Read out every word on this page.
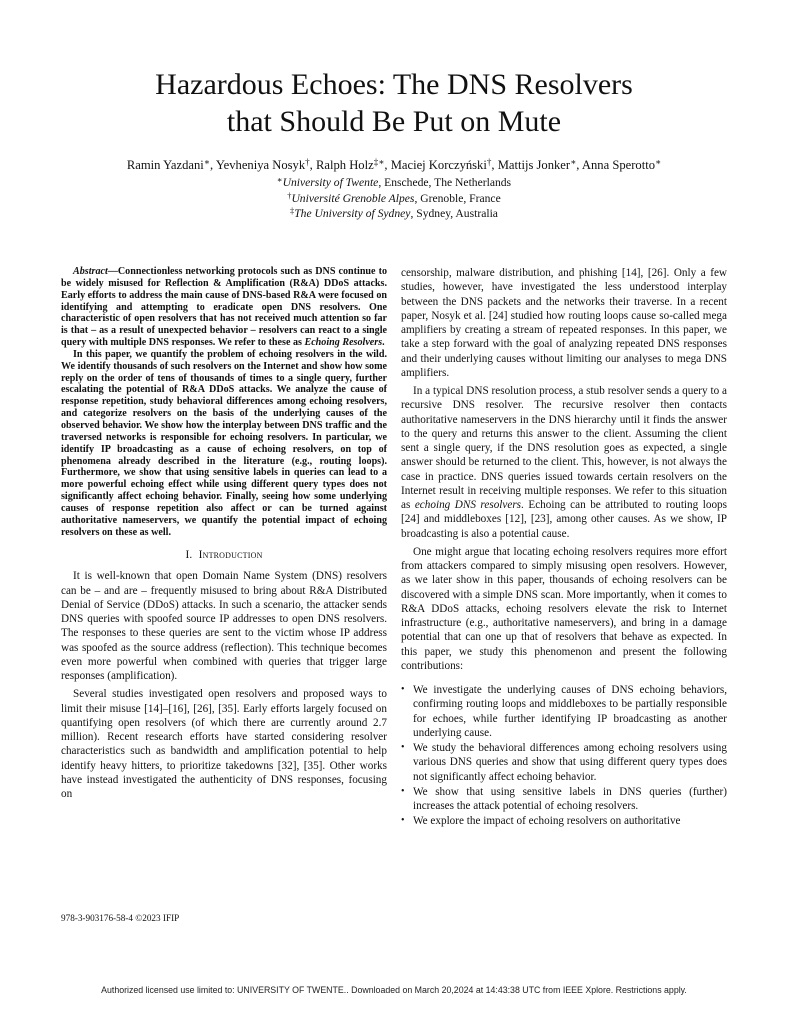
Hazardous Echoes: The DNS Resolvers
that Should Be Put on Mute
Ramin Yazdani∗, Yevheniya Nosyk†, Ralph Holz‡∗, Maciej Korczyński†, Mattijs Jonker∗, Anna Sperotto∗
∗University of Twente, Enschede, The Netherlands
†Université Grenoble Alpes, Grenoble, France
‡The University of Sydney, Sydney, Australia

Abstract—Connectionless networking protocols such as DNS continue to be widely misused for Reflection & Amplification (R&A) DDoS attacks. Early efforts to address the main cause of DNS-based R&A were focused on identifying and attempting to eradicate open DNS resolvers. One characteristic of open resolvers that has not received much attention so far is that – as a result of unexpected behavior – resolvers can react to a single query with multiple DNS responses. We refer to these as Echoing Resolvers.

In this paper, we quantify the problem of echoing resolvers in the wild. We identify thousands of such resolvers on the Internet and show how some reply on the order of tens of thousands of times to a single query, further escalating the potential of R&A DDoS attacks. We analyze the cause of response repetition, study behavioral differences among echoing resolvers, and categorize resolvers on the basis of the underlying causes of the observed behavior. We show how the interplay between DNS traffic and the traversed networks is responsible for echoing resolvers. In particular, we identify IP broadcasting as a cause of echoing resolvers, on top of phenomena already described in the literature (e.g., routing loops). Furthermore, we show that using sensitive labels in queries can lead to a more powerful echoing effect while using different query types does not significantly affect echoing behavior. Finally, seeing how some underlying causes of response repetition also affect or can be turned against authoritative nameservers, we quantify the potential impact of echoing resolvers on these as well.

I. Introduction

It is well-known that open Domain Name System (DNS) resolvers can be – and are – frequently misused to bring about R&A Distributed Denial of Service (DDoS) attacks. In such a scenario, the attacker sends DNS queries with spoofed source IP addresses to open DNS resolvers. The responses to these queries are sent to the victim whose IP address was spoofed as the source address (reflection). This technique becomes even more powerful when combined with queries that trigger large responses (amplification).

Several studies investigated open resolvers and proposed ways to limit their misuse [14]–[16], [26], [35]. Early efforts largely focused on quantifying open resolvers (of which there are currently around 2.7 million). Recent research efforts have started considering resolver characteristics such as bandwidth and amplification potential to help identify heavy hitters, to prioritize takedowns [32], [35]. Other works have instead investigated the authenticity of DNS responses, focusing on

censorship, malware distribution, and phishing [14], [26]. Only a few studies, however, have investigated the less understood interplay between the DNS packets and the networks their traverse. In a recent paper, Nosyk et al. [24] studied how routing loops cause so-called mega amplifiers by creating a stream of repeated responses. In this paper, we take a step forward with the goal of analyzing repeated DNS responses and their underlying causes without limiting our analyses to mega DNS amplifiers.

In a typical DNS resolution process, a stub resolver sends a query to a recursive DNS resolver. The recursive resolver then contacts authoritative nameservers in the DNS hierarchy until it finds the answer to the query and returns this answer to the client. Assuming the client sent a single query, if the DNS resolution goes as expected, a single answer should be returned to the client. This, however, is not always the case in practice. DNS queries issued towards certain resolvers on the Internet result in receiving multiple responses. We refer to this situation as echoing DNS resolvers. Echoing can be attributed to routing loops [24] and middleboxes [12], [23], among other causes. As we show, IP broadcasting is also a potential cause.

One might argue that locating echoing resolvers requires more effort from attackers compared to simply misusing open resolvers. However, as we later show in this paper, thousands of echoing resolvers can be discovered with a simple DNS scan. More importantly, when it comes to R&A DDoS attacks, echoing resolvers elevate the risk to Internet infrastructure (e.g., authoritative nameservers), and bring in a damage potential that can one up that of resolvers that behave as expected. In this paper, we study this phenomenon and present the following contributions:

• We investigate the underlying causes of DNS echoing behaviors, confirming routing loops and middleboxes to be partially responsible for echoes, while further identifying IP broadcasting as another underlying cause.
• We study the behavioral differences among echoing resolvers using various DNS queries and show that using different query types does not significantly affect echoing behavior.
• We show that using sensitive labels in DNS queries (further) increases the attack potential of echoing resolvers.
• We explore the impact of echoing resolvers on authoritative
978-3-903176-58-4 ©2023 IFIP
Authorized licensed use limited to: UNIVERSITY OF TWENTE.. Downloaded on March 20,2024 at 14:43:38 UTC from IEEE Xplore. Restrictions apply.
